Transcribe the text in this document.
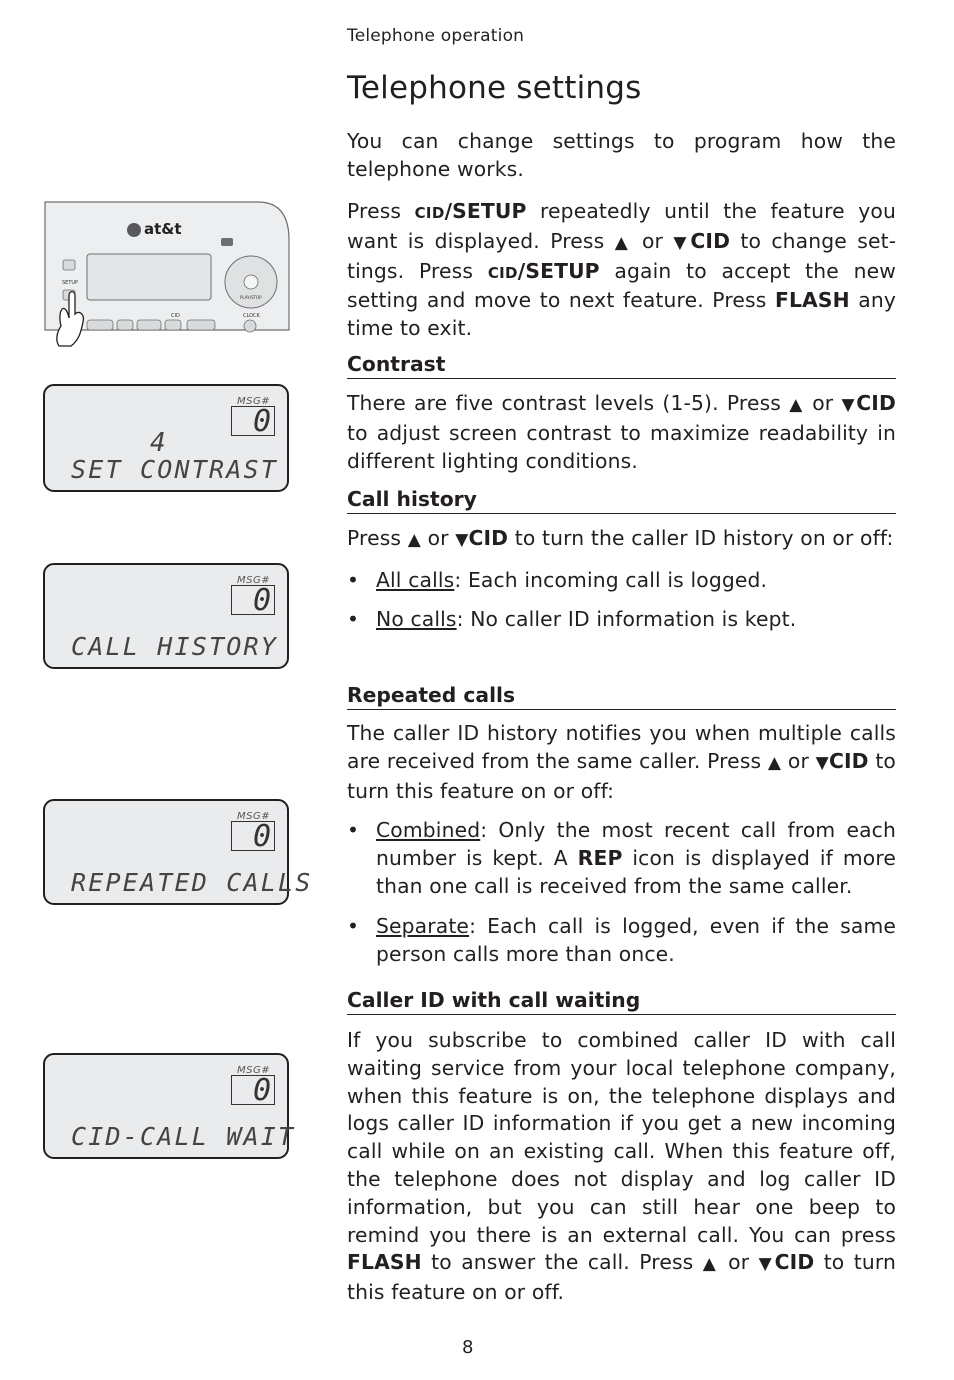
Telephone operation
Telephone settings

You can change settings to program how the telephone works.

Press CID/SETUP repeatedly until the feature you want is displayed. Press ▲ or ▼CID to change settings. Press CID/SETUP again to accept the new setting and move to next feature. Press FLASH any time to exit.

Contrast

There are five contrast levels (1-5). Press ▲ or ▼CID to adjust screen contrast to maximize readability in different lighting conditions.

Call history

Press ▲ or ▼CID to turn the caller ID history on or off:

• All calls: Each incoming call is logged.
• No calls: No caller ID information is kept.
Repeated calls

The caller ID history notifies you when multiple calls are received from the same caller. Press ▲ or ▼CID to turn this feature on or off:

• Combined: Only the most recent call from each number is kept. A REP icon is displayed if more than one call is received from the same caller.
• Separate: Each call is logged, even if the same person calls more than once.
Caller ID with call waiting

If you subscribe to combined caller ID with call waiting service from your local telephone company, when this feature is on, the telephone displays and logs caller ID information if you get a new incoming call while on an existing call. When this feature off, the telephone does not display and log caller ID information, but you can still hear one beep to remind you there is an external call. You can press FLASH to answer the call. Press ▲ or ▼CID to turn this feature on or off.

8
at&t
SETUP
CID	CLOCK
PLAY/STOP
MSG#
0
4
SET CONTRAST
MSG#
0
CALL HISTORY
MSG#
0
REPEATED CALLS
MSG#
0
CID-CALL WAIT
